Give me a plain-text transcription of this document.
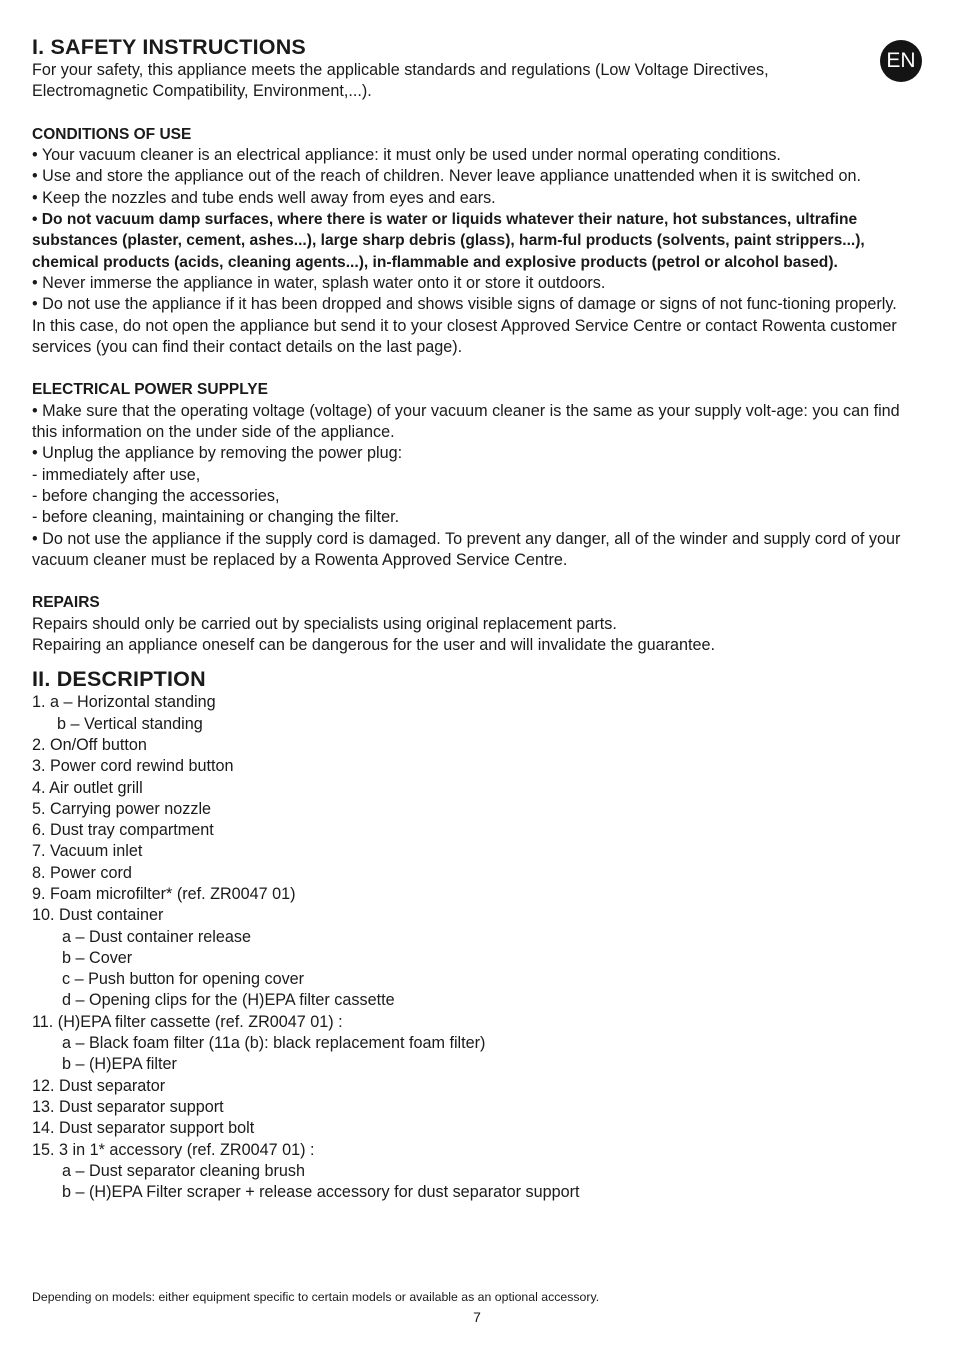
EN
I. SAFETY INSTRUCTIONS

For your safety, this appliance meets the applicable standards and regulations (Low Voltage Directives, Electromagnetic Compatibility, Environment,...).

CONDITIONS OF USE

• Your vacuum cleaner is an electrical appliance: it must only be used under normal operating conditions.

• Use and store the appliance out of the reach of children. Never leave appliance unattended when it is switched on.

• Keep the nozzles and tube ends well away from eyes and ears.

• Do not vacuum damp surfaces, where there is water or liquids whatever their nature, hot substances, ultrafine substances (plaster, cement, ashes...), large sharp debris (glass), harm-ful products (solvents, paint strippers...), chemical products (acids, cleaning agents...), in-flammable and explosive products (petrol or alcohol based).

• Never immerse the appliance in water, splash water onto it or store it outdoors.

• Do not use the appliance if it has been dropped and shows visible signs of damage or signs of not func-tioning properly.

In this case, do not open the appliance but send it to your closest Approved Service Centre or contact Rowenta customer services (you can find their contact details on the last page).

ELECTRICAL POWER SUPPLYE

• Make sure that the operating voltage (voltage) of your vacuum cleaner is the same as your supply volt-age: you can find this information on the under side of the appliance.

• Unplug the appliance by removing the power plug:

- immediately after use,

- before changing the accessories,

- before cleaning, maintaining or changing the filter.

• Do not use the appliance if the supply cord is damaged. To prevent any danger, all of the winder and supply cord of your vacuum cleaner must be replaced by a Rowenta Approved Service Centre.

REPAIRS

Repairs should only be carried out by specialists using original replacement parts.

Repairing an appliance oneself can be dangerous for the user and will invalidate the guarantee.

II. DESCRIPTION
1. a – Horizontal standing
b – Vertical standing
2. On/Off button
3. Power cord rewind button
4. Air outlet grill
5. Carrying power nozzle
6. Dust tray compartment
7. Vacuum inlet
8. Power cord
9. Foam microfilter* (ref. ZR0047 01)
10. Dust container
a – Dust container release
b – Cover
c – Push button for opening cover
d – Opening clips for the (H)EPA filter cassette
11. (H)EPA filter cassette (ref. ZR0047 01) :
a – Black foam filter (11a (b): black replacement foam filter)
b – (H)EPA filter
12. Dust separator
13. Dust separator support
14. Dust separator support bolt
15. 3 in 1* accessory (ref. ZR0047 01) :
a – Dust separator cleaning brush
b – (H)EPA Filter scraper + release accessory for dust separator support
Depending on models: either equipment specific to certain models or available as an optional accessory.
7
